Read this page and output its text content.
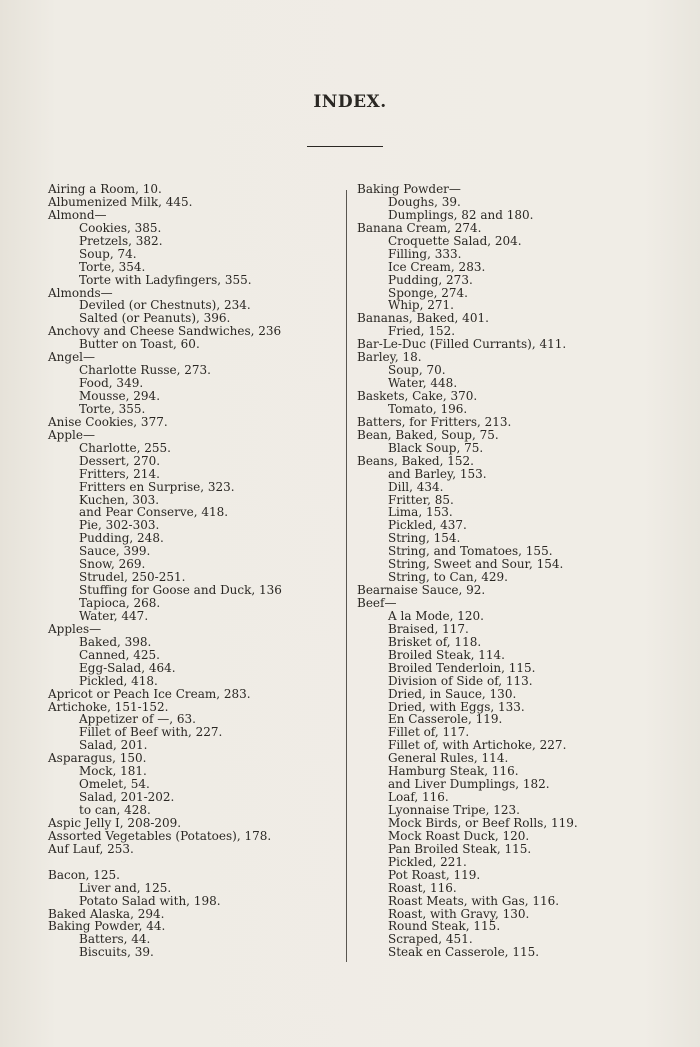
INDEX.
Airing a Room, 10.
Albumenized Milk, 445.
Almond—
Cookies, 385.
Pretzels, 382.
Soup, 74.
Torte, 354.
Torte with Ladyfingers, 355.
Almonds—
Deviled (or Chestnuts), 234.
Salted (or Peanuts), 396.
Anchovy and Cheese Sandwiches, 236
Butter on Toast, 60.
Angel—
Charlotte Russe, 273.
Food, 349.
Mousse, 294.
Torte, 355.
Anise Cookies, 377.
Apple—
Charlotte, 255.
Dessert, 270.
Fritters, 214.
Fritters en Surprise, 323.
Kuchen, 303.
and Pear Conserve, 418.
Pie, 302-303.
Pudding, 248.
Sauce, 399.
Snow, 269.
Strudel, 250-251.
Stuffing for Goose and Duck, 136
Tapioca, 268.
Water, 447.
Apples—
Baked, 398.
Canned, 425.
Egg-Salad, 464.
Pickled, 418.
Apricot or Peach Ice Cream, 283.
Artichoke, 151-152.
Appetizer of —, 63.
Fillet of Beef with, 227.
Salad, 201.
Asparagus, 150.
Mock, 181.
Omelet, 54.
Salad, 201-202.
to can, 428.
Aspic Jelly I, 208-209.
Assorted Vegetables (Potatoes), 178.
Auf Lauf, 253.
Bacon, 125.
Liver and, 125.
Potato Salad with, 198.
Baked Alaska, 294.
Baking Powder, 44.
Batters, 44.
Biscuits, 39.
Baking Powder—
Doughs, 39.
Dumplings, 82 and 180.
Banana Cream, 274.
Croquette Salad, 204.
Filling, 333.
Ice Cream, 283.
Pudding, 273.
Sponge, 274.
Whip, 271.
Bananas, Baked, 401.
Fried, 152.
Bar-Le-Duc (Filled Currants), 411.
Barley, 18.
Soup, 70.
Water, 448.
Baskets, Cake, 370.
Tomato, 196.
Batters, for Fritters, 213.
Bean, Baked, Soup, 75.
Black Soup, 75.
Beans, Baked, 152.
and Barley, 153.
Dill, 434.
Fritter, 85.
Lima, 153.
Pickled, 437.
String, 154.
String, and Tomatoes, 155.
String, Sweet and Sour, 154.
String, to Can, 429.
Bearnaise Sauce, 92.
Beef—
A la Mode, 120.
Braised, 117.
Brisket of, 118.
Broiled Steak, 114.
Broiled Tenderloin, 115.
Division of Side of, 113.
Dried, in Sauce, 130.
Dried, with Eggs, 133.
En Casserole, 119.
Fillet of, 117.
Fillet of, with Artichoke, 227.
General Rules, 114.
Hamburg Steak, 116.
and Liver Dumplings, 182.
Loaf, 116.
Lyonnaise Tripe, 123.
Mock Birds, or Beef Rolls, 119.
Mock Roast Duck, 120.
Pan Broiled Steak, 115.
Pickled, 221.
Pot Roast, 119.
Roast, 116.
Roast Meats, with Gas, 116.
Roast, with Gravy, 130.
Round Steak, 115.
Scraped, 451.
Steak en Casserole, 115.
